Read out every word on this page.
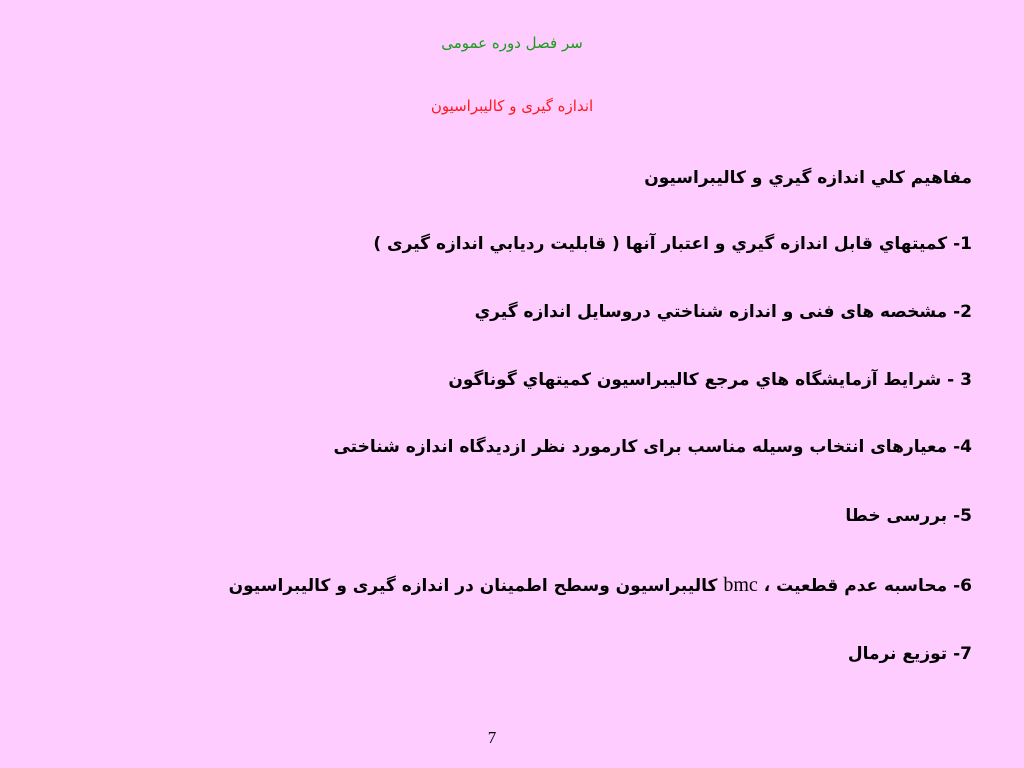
سر فصل دوره عمومی
اندازه گیری و کالیبراسیون
مفاهيم كلي اندازه گيري و كاليبراسيون
1- كميتهاي قابل اندازه گيري و اعتبار آنها ( قابليت رديابي اندازه گیری )
2- مشخصه های فنی و اندازه شناختي دروسايل اندازه گيري
3 - شرايط آزمايشگاه هاي مرجع كاليبراسيون كميتهاي گوناگون
4- معیارهای انتخاب وسیله مناسب برای کارمورد نظر ازدیدگاه اندازه شناختی
5- بررسی خطا
6- محاسبه عدم قطعیت ، bmc کالیبراسیون وسطح اطمینان در اندازه گیری و کالیبراسیون
7- توزیع نرمال
7
